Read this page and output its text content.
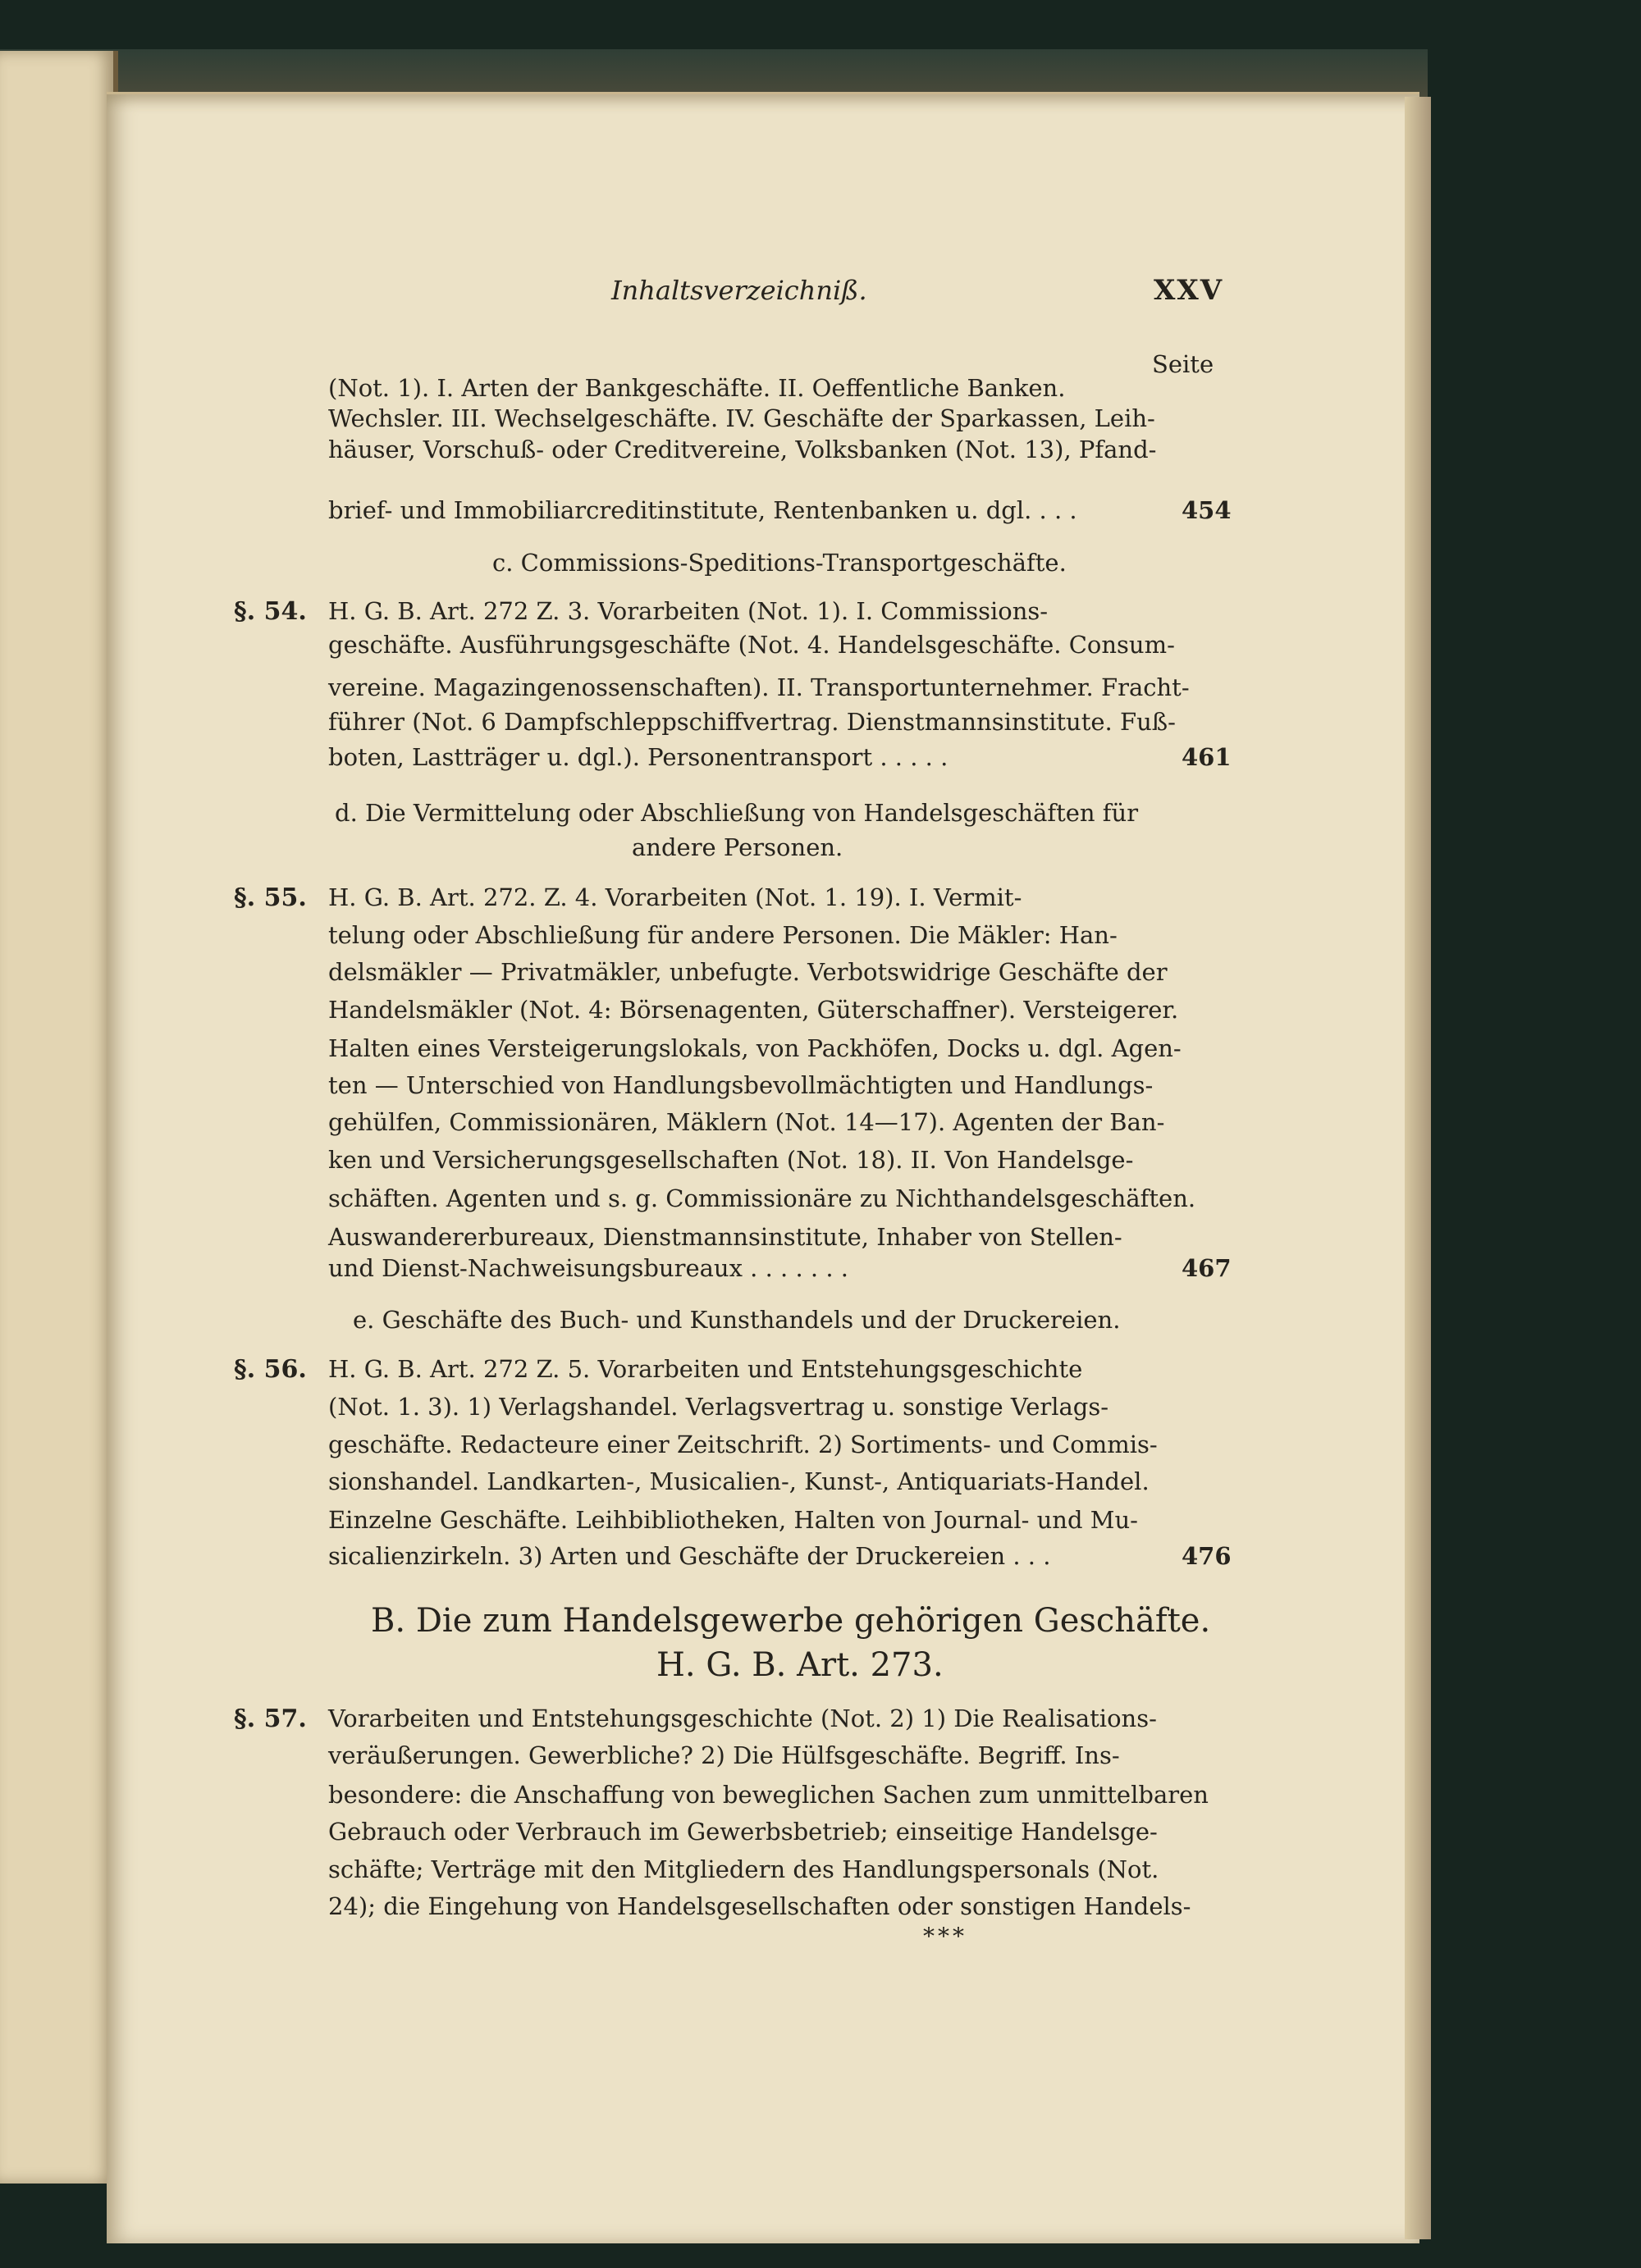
Inhaltsverzeichniß.	XXV
Seite
(Not. 1). I. Arten der Bankgeschäfte. II. Oeffentliche Banken.
Wechsler. III. Wechselgeschäfte. IV. Geschäfte der Sparkassen, Leih-
häuser, Vorschuß- oder Creditvereine, Volksbanken (Not. 13), Pfand-
brief- und Immobiliarcreditinstitute, Rentenbanken u. dgl. . . .	454
c. Commissions-Speditions-Transportgeschäfte.
§. 54. H. G. B. Art. 272 Z. 3. Vorarbeiten (Not. 1). I. Commissions-
geschäfte. Ausführungsgeschäfte (Not. 4. Handelsgeschäfte. Consum-
vereine. Magazingenossenschaften). II. Transportunternehmer. Fracht-
führer (Not. 6 Dampfschleppschiffvertrag. Dienstmannsinstitute. Fuß-
boten, Lastträger u. dgl.). Personentransport . . . . .	461
d. Die Vermittelung oder Abschließung von Handelsgeschäften für
andere Personen.
§. 55. H. G. B. Art. 272. Z. 4. Vorarbeiten (Not. 1. 19). I. Vermit-
telung oder Abschließung für andere Personen. Die Mäkler: Han-
delsmäkler — Privatmäkler, unbefugte. Verbotswidrige Geschäfte der
Handelsmäkler (Not. 4: Börsenagenten, Güterschaffner). Versteigerer.
Halten eines Versteigerungslokals, von Packhöfen, Docks u. dgl. Agen-
ten — Unterschied von Handlungsbevollmächtigten und Handlungs-
gehülfen, Commissionären, Mäklern (Not. 14—17). Agenten der Ban-
ken und Versicherungsgesellschaften (Not. 18). II. Von Handelsge-
schäften. Agenten und s. g. Commissionäre zu Nichthandelsgeschäften.
Auswandererbureaux, Dienstmannsinstitute, Inhaber von Stellen-
und Dienst-Nachweisungsbureaux . . . . . . .	467
e. Geschäfte des Buch- und Kunsthandels und der Druckereien.
§. 56. H. G. B. Art. 272 Z. 5. Vorarbeiten und Entstehungsgeschichte
(Not. 1. 3). 1) Verlagshandel. Verlagsvertrag u. sonstige Verlags-
geschäfte. Redacteure einer Zeitschrift. 2) Sortiments- und Commis-
sionshandel. Landkarten-, Musicalien-, Kunst-, Antiquariats-Handel.
Einzelne Geschäfte. Leihbibliotheken, Halten von Journal- und Mu-
sicalienzirkeln. 3) Arten und Geschäfte der Druckereien . . .	476
B. Die zum Handelsgewerbe gehörigen Geschäfte.
H. G. B. Art. 273.
§. 57. Vorarbeiten und Entstehungsgeschichte (Not. 2) 1) Die Realisations-
veräußerungen. Gewerbliche? 2) Die Hülfsgeschäfte. Begriff. Ins-
besondere: die Anschaffung von beweglichen Sachen zum unmittelbaren
Gebrauch oder Verbrauch im Gewerbsbetrieb; einseitige Handelsge-
schäfte; Verträge mit den Mitgliedern des Handlungspersonals (Not.
24); die Eingehung von Handelsgesellschaften oder sonstigen Handels-
***
